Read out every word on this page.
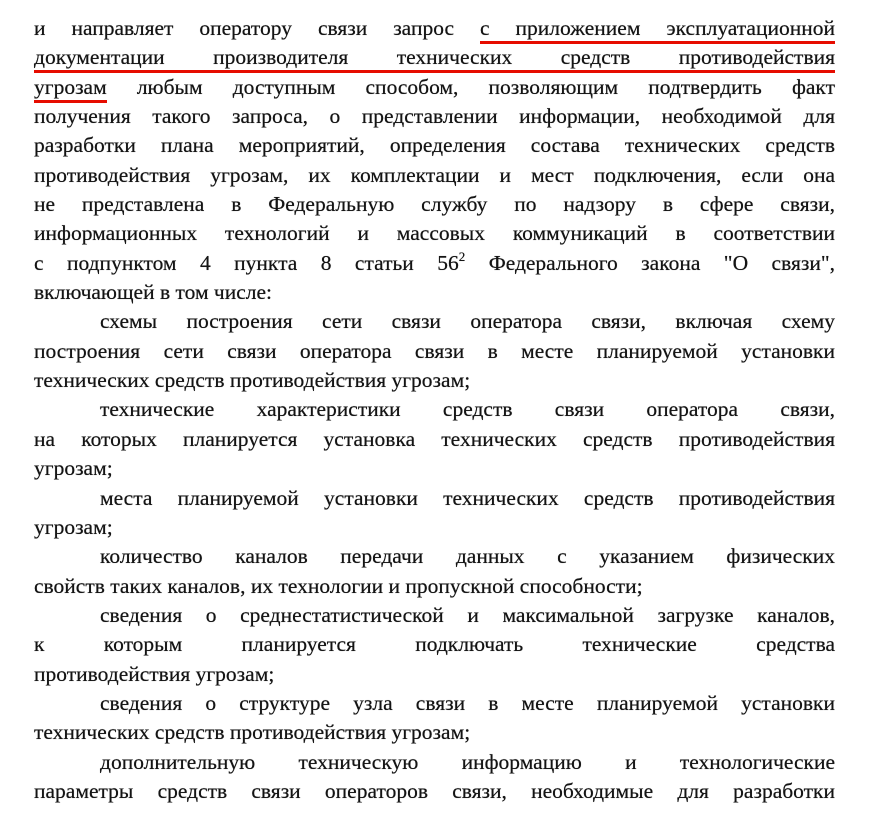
и направляет оператору связи запрос с приложением эксплуатационной
документации производителя технических средств противодействия
угрозам любым доступным способом, позволяющим подтвердить факт
получения такого запроса, о представлении информации, необходимой для
разработки плана мероприятий, определения состава технических средств
противодействия угрозам, их комплектации и мест подключения, если она
не представлена в Федеральную службу по надзору в сфере связи,
информационных технологий и массовых коммуникаций в соответствии
с подпунктом 4 пункта 8 статьи 56$^2$ Федерального закона "О связи",
включающей в том числе:
схемы построения сети связи оператора связи, включая схему
построения сети связи оператора связи в месте планируемой установки
технических средств противодействия угрозам;
технические характеристики средств связи оператора связи,
на которых планируется установка технических средств противодействия
угрозам;
места планируемой установки технических средств противодействия
угрозам;
количество каналов передачи данных с указанием физических
свойств таких каналов, их технологии и пропускной способности;
сведения о среднестатистической и максимальной загрузке каналов,
к которым планируется подключать технические средства
противодействия угрозам;
сведения о структуре узла связи в месте планируемой установки
технических средств противодействия угрозам;
дополнительную техническую информацию и технологические
параметры средств связи операторов связи, необходимые для разработки
